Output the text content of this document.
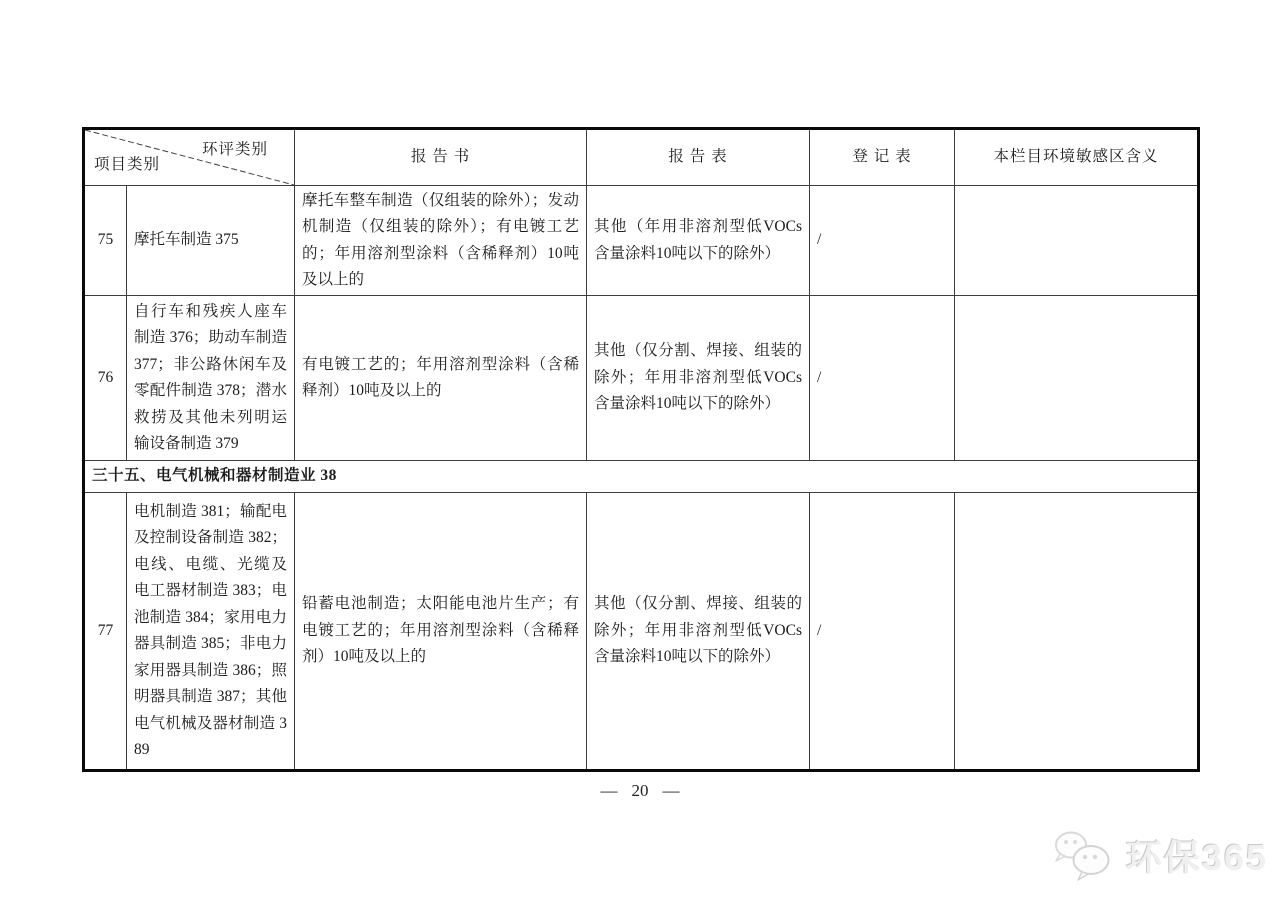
环评类别
项目类别		报 告 书	报 告 表	登 记 表	本栏目环境敏感区含义

75	摩托车制造 375	摩托车整车制造（仅组装的除外）；发动机制造（仅组装的除外）；有电镀工艺的；年用溶剂型涂料（含稀释剂）10吨及以上的	其他（年用非溶剂型低VOCs含量涂料10吨以下的除外）	/	

76	自行车和残疾人座车制造 376；助动车制造 377；非公路休闲车及零配件制造 378；潜水救捞及其他未列明运输设备制造 379	有电镀工艺的；年用溶剂型涂料（含稀释剂）10吨及以上的	其他（仅分割、焊接、组装的除外；年用非溶剂型低VOCs含量涂料10吨以下的除外）	/	

三十五、电气机械和器材制造业 38					

77	电机制造 381；输配电及控制设备制造 382；电线、电缆、光缆及电工器材制造 383；电池制造 384；家用电力器具制造 385；非电力家用器具制造 386；照明器具制造 387；其他电气机械及器材制造 389	铅蓄电池制造；太阳能电池片生产；有电镀工艺的；年用溶剂型涂料（含稀释剂）10吨及以上的	其他（仅分割、焊接、组装的除外；年用非溶剂型低VOCs含量涂料10吨以下的除外）	/	

— 20 —
环保365
